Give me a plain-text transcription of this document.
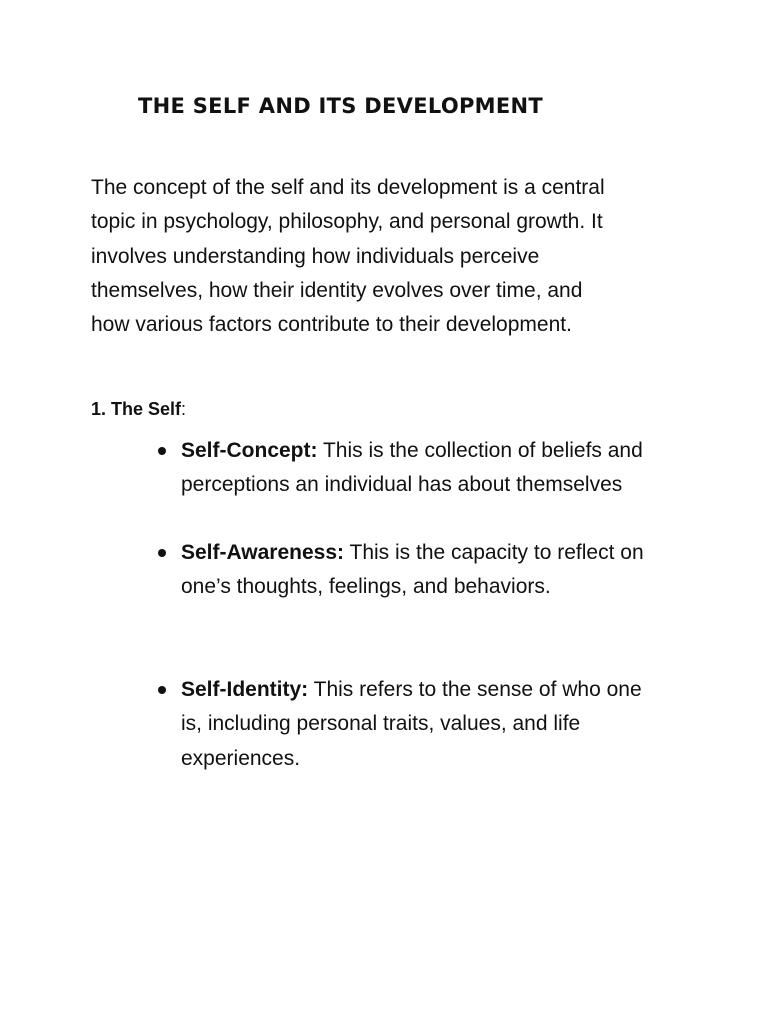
THE SELF AND ITS DEVELOPMENT

The concept of the self and its development is a central
topic in psychology, philosophy, and personal growth. It
involves understanding how individuals perceive
themselves, how their identity evolves over time, and
how various factors contribute to their development.

1. The Self:

Self-Concept: This is the collection of beliefs and
perceptions an individual has about themselves
Self-Awareness: This is the capacity to reflect on
one’s thoughts, feelings, and behaviors.
Self-Identity: This refers to the sense of who one
is, including personal traits, values, and life
experiences.
